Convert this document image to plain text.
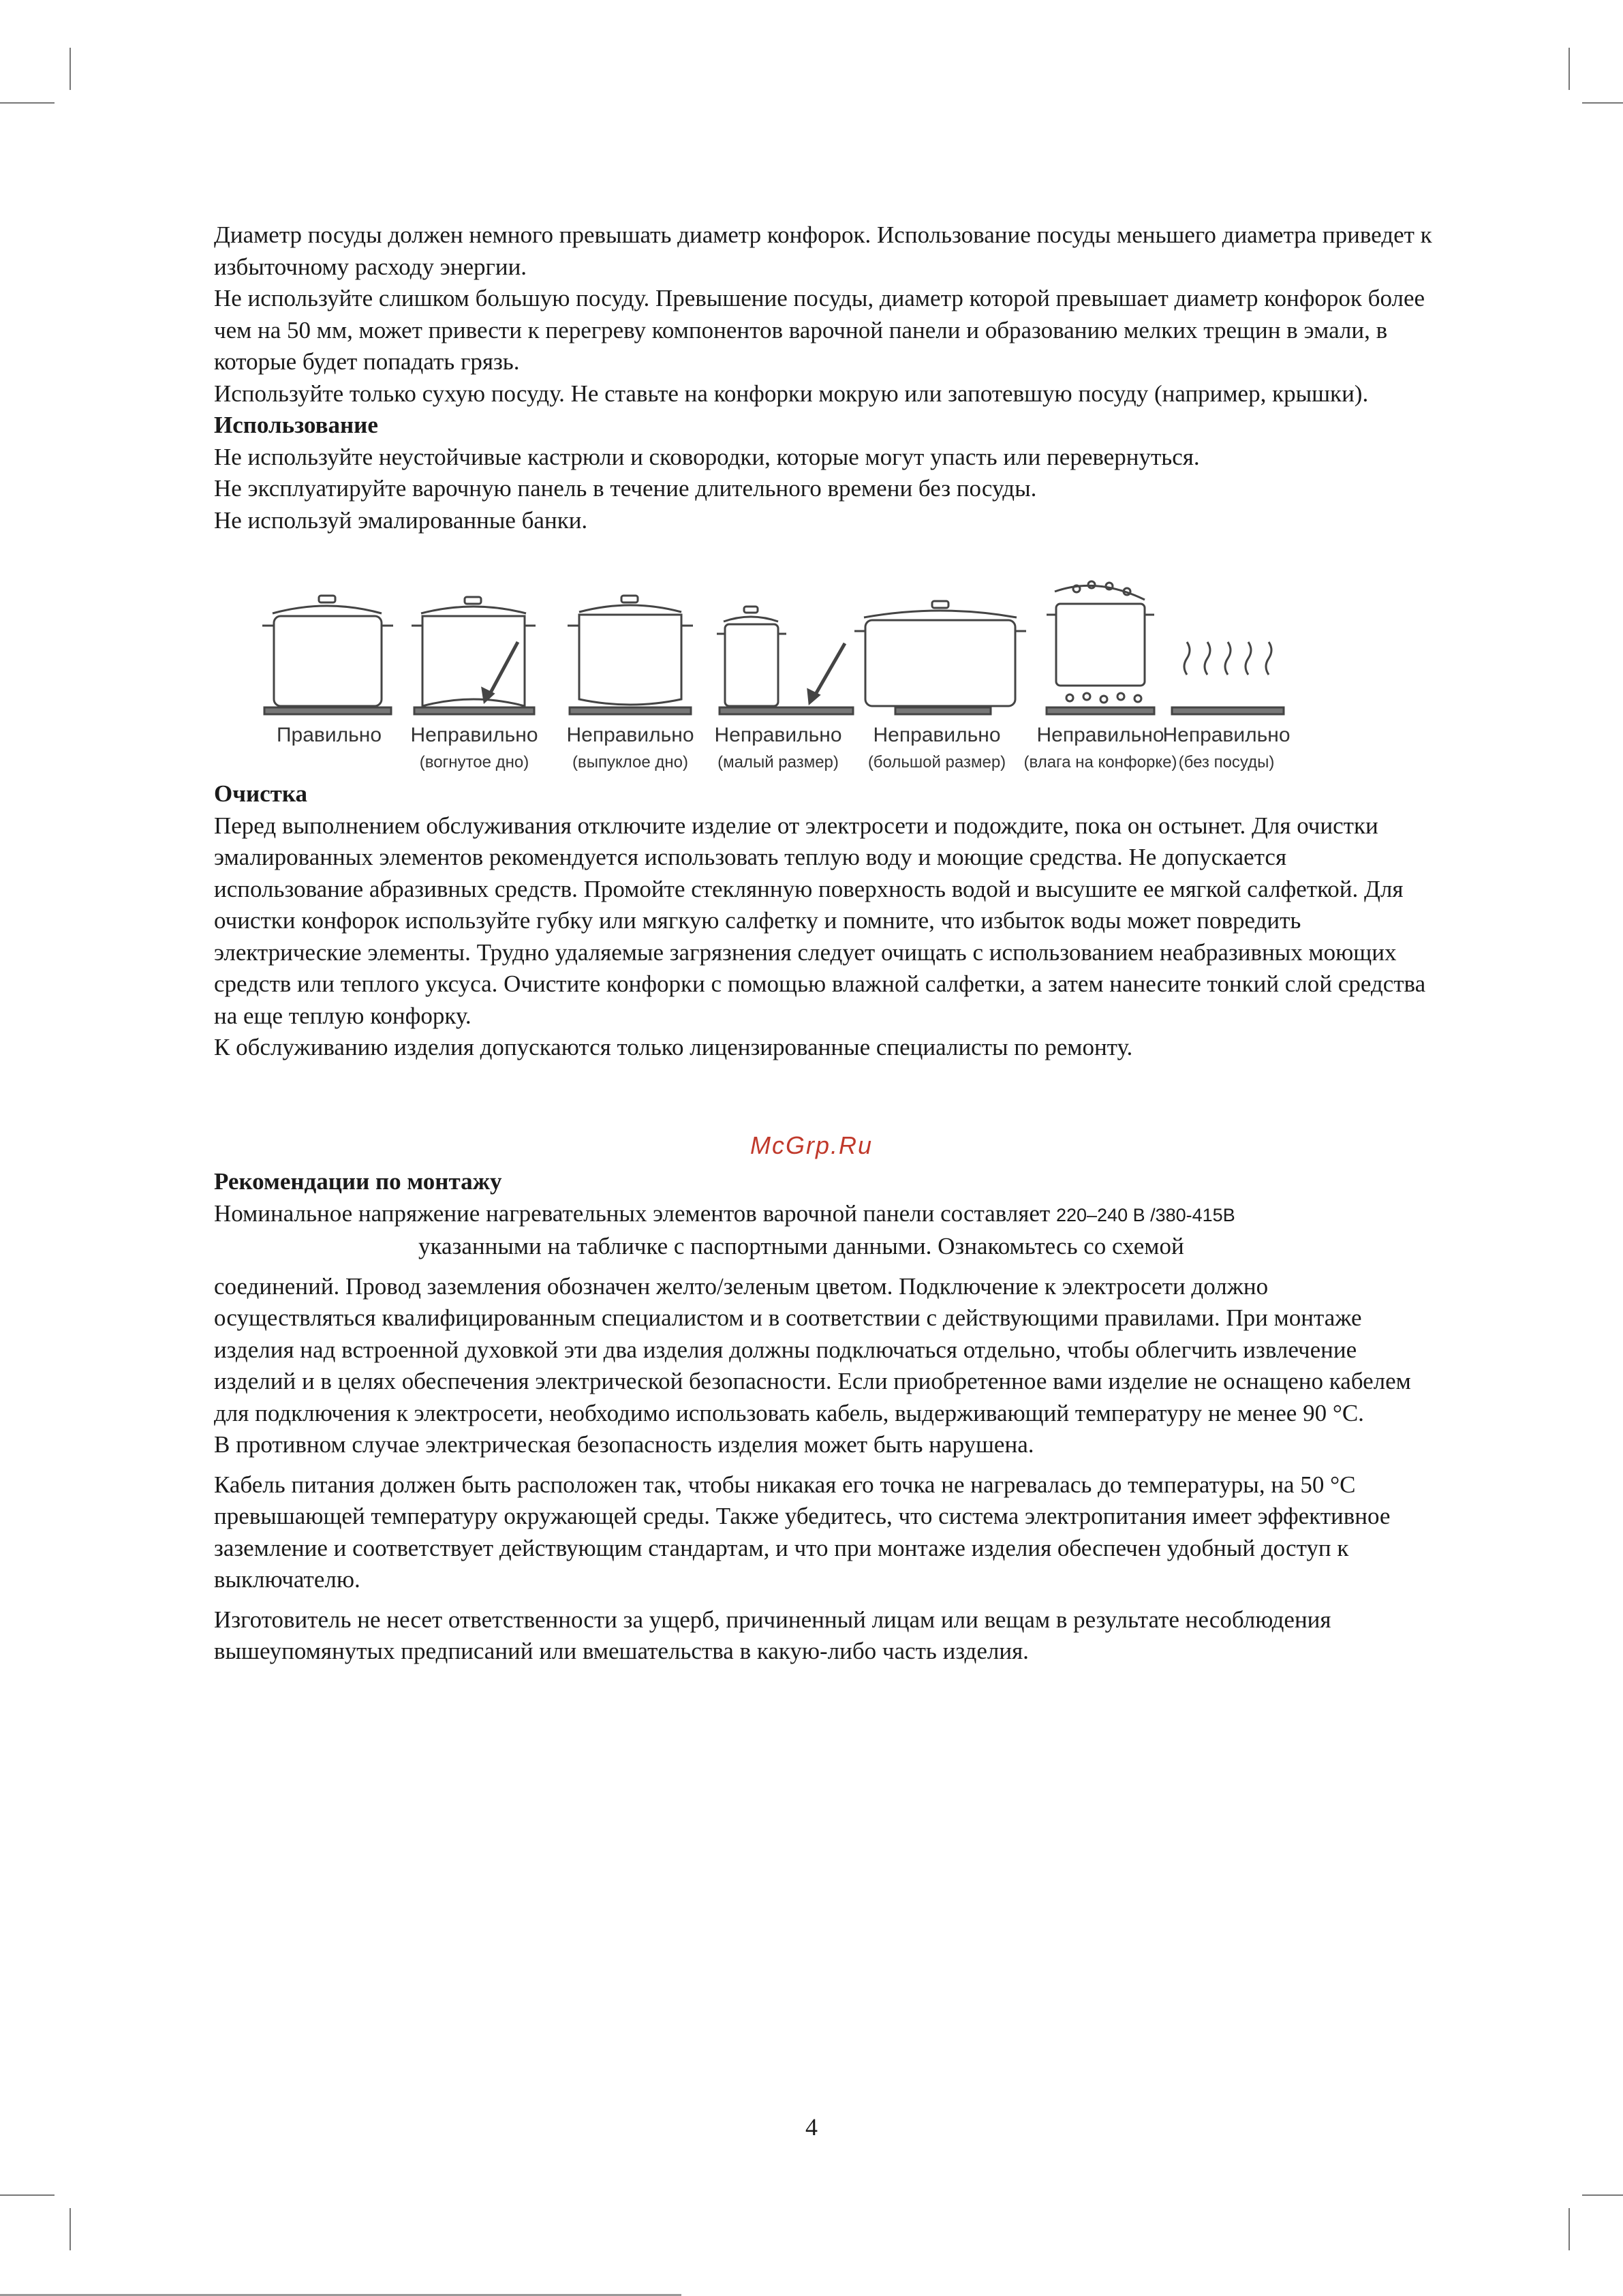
Диаметр посуды должен немного превышать диаметр конфорок. Использование посуды меньшего диаметра приведет к избыточному расходу энергии.

Не используйте слишком большую посуду. Превышение посуды, диаметр которой превышает диаметр конфорок более чем на 50 мм, может привести к перегреву компонентов варочной панели и образованию мелких трещин в эмали, в которые будет попадать грязь.

Используйте только сухую посуду. Не ставьте на конфорки мокрую или запотевшую посуду (например, крышки).

Использование

Не используйте неустойчивые кастрюли и сковородки, которые могут упасть или перевернуться.

Не эксплуатируйте варочную панель в течение длительного времени без посуды.

Не используй эмалированные банки.

Правильно Неправильно
(вогнутое дно)
Неправильно
(выпуклое дно)
Неправильно
(малый размер)
Неправильно
(большой размер)
Неправильно
(влага на конфорке)
Неправильно
(без посуды)

Очистка

Перед выполнением обслуживания отключите изделие от электросети и подождите, пока он остынет. Для очистки эмалированных элементов рекомендуется использовать теплую воду и моющие средства. Не допускается использование абразивных средств. Промойте стеклянную поверхность водой и высушите ее мягкой салфеткой. Для очистки конфорок используйте губку или мягкую салфетку и помните, что избыток воды может повредить электрические элементы. Трудно удаляемые загрязнения следует очищать с использованием неабразивных моющих средств или теплого уксуса. Очистите конфорки с помощью влажной салфетки, а затем нанесите тонкий слой средства на еще теплую конфорку.

К обслуживанию изделия допускаются только лицензированные специалисты по ремонту.

McGrp.Ru

Рекомендации по монтажу

Номинальное напряжение нагревательных элементов варочной панели составляет 220–240 В /380-415В

указанными на табличке с паспортными данными. Ознакомьтесь со схемой

соединений. Провод заземления обозначен желто/зеленым цветом. Подключение к электросети должно осуществляться квалифицированным специалистом и в соответствии с действующими правилами. При монтаже изделия над встроенной духовкой эти два изделия должны подключаться отдельно, чтобы облегчить извлечение изделий и в целях обеспечения электрической безопасности. Если приобретенное вами изделие не оснащено кабелем для подключения к электросети, необходимо использовать кабель, выдерживающий температуру не менее 90 °С.

В противном случае электрическая безопасность изделия может быть нарушена.

Кабель питания должен быть расположен так, чтобы никакая его точка не нагревалась до температуры, на 50 °С превышающей температуру окружающей среды. Также убедитесь, что система электропитания имеет эффективное заземление и соответствует действующим стандартам, и что при монтаже изделия обеспечен удобный доступ к выключателю.

Изготовитель не несет ответственности за ущерб, причиненный лицам или вещам в результате несоблюдения вышеупомянутых предписаний или вмешательства в какую-либо часть изделия.

4
